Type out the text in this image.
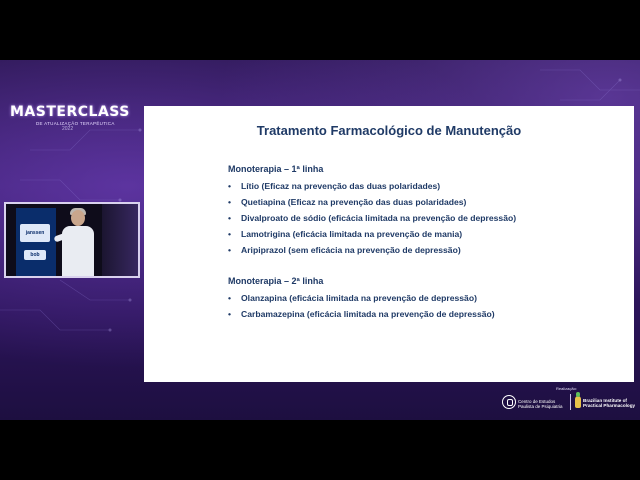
MASTERCLASS
DE ATUALIZAÇÃO TERAPÊUTICA
2022
janssen
bob
Tratamento Farmacológico de Manutenção
Monoterapia – 1ª linha
• Lítio (Eficaz na prevenção das duas polaridades)
• Quetiapina (Eficaz na prevenção das duas polaridades)
• Divalproato de sódio (eficácia limitada na prevenção de depressão)
• Lamotrigina (eficácia limitada na prevenção de mania)
• Aripiprazol (sem eficácia na prevenção de depressão)
Monoterapia – 2ª linha
• Olanzapina (eficácia limitada na prevenção de depressão)
• Carbamazepina (eficácia limitada na prevenção de depressão)
Realização:
Centro de Estudos Paulista de Psiquiatria
Brazilian Institute of Practical Pharmacology
